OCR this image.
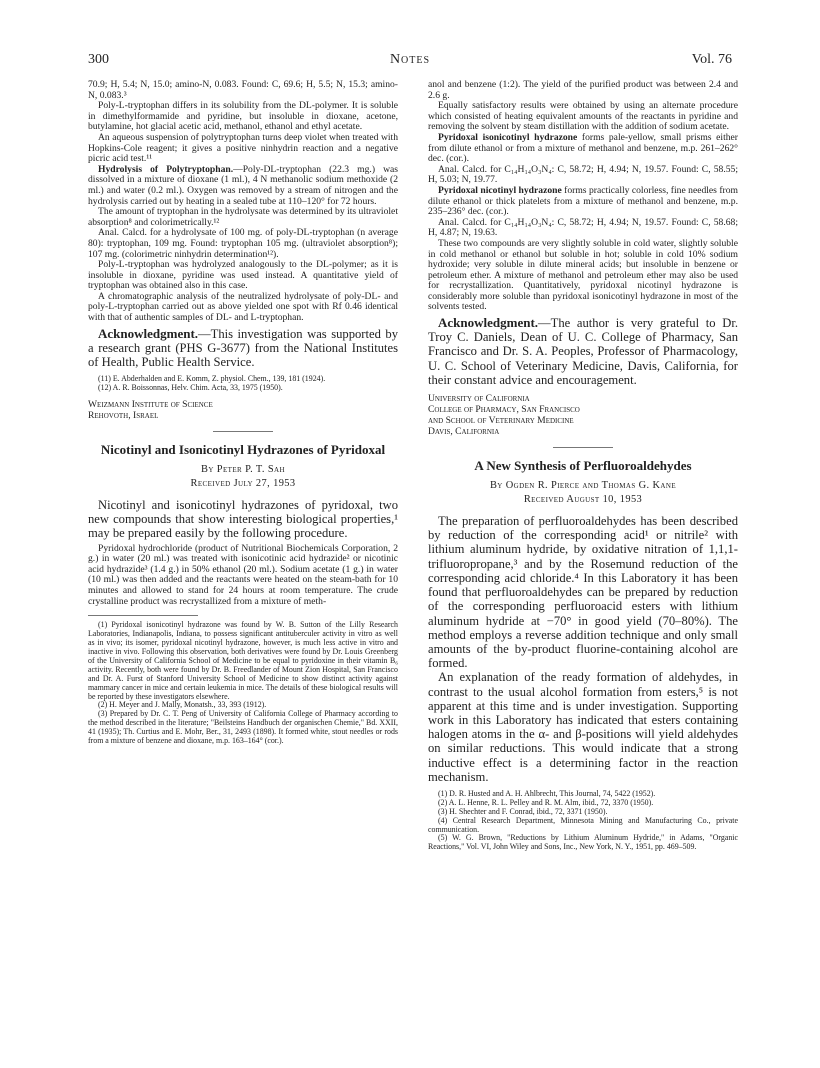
300	Notes	Vol. 76

70.9; H, 5.4; N, 15.0; amino-N, 0.083. Found: C, 69.6; H, 5.5; N, 15.3; amino-N, 0.083.³

Poly-L-tryptophan differs in its solubility from the DL-polymer. It is soluble in dimethylformamide and pyridine, but insoluble in dioxane, acetone, butylamine, hot glacial acetic acid, methanol, ethanol and ethyl acetate.

An aqueous suspension of polytryptophan turns deep violet when treated with Hopkins-Cole reagent; it gives a positive ninhydrin reaction and a negative picric acid test.¹¹

Hydrolysis of Polytryptophan.—Poly-DL-tryptophan (22.3 mg.) was dissolved in a mixture of dioxane (1 ml.), 4 N methanolic sodium methoxide (2 ml.) and water (0.2 ml.). Oxygen was removed by a stream of nitrogen and the hydrolysis carried out by heating in a sealed tube at 110–120° for 72 hours.

The amount of tryptophan in the hydrolysate was determined by its ultraviolet absorption⁸ and colorimetrically.¹²

Anal. Calcd. for a hydrolysate of 100 mg. of poly-DL-tryptophan (n average 80): tryptophan, 109 mg. Found: tryptophan 105 mg. (ultraviolet absorption⁸); 107 mg. (colorimetric ninhydrin determination¹²).

Poly-L-tryptophan was hydrolyzed analogously to the DL-polymer; as it is insoluble in dioxane, pyridine was used instead. A quantitative yield of tryptophan was obtained also in this case.

A chromatographic analysis of the neutralized hydrolysate of poly-DL- and poly-L-tryptophan carried out as above yielded one spot with Rf 0.46 identical with that of authentic samples of DL- and L-tryptophan.

Acknowledgment.—This investigation was supported by a research grant (PHS G-3677) from the National Institutes of Health, Public Health Service.

(11) E. Abderhalden and E. Komm, Z. physiol. Chem., 139, 181 (1924).

(12) A. R. Boissonnas, Helv. Chim. Acta, 33, 1975 (1950).

Weizmann Institute of Science
Rehovoth, Israel
Nicotinyl and Isonicotinyl Hydrazones of Pyridoxal
By Peter P. T. Sah
Received July 27, 1953

Nicotinyl and isonicotinyl hydrazones of pyridoxal, two new compounds that show interesting biological properties,¹ may be prepared easily by the following procedure.

Pyridoxal hydrochloride (product of Nutritional Biochemicals Corporation, 2 g.) in water (20 ml.) was treated with isonicotinic acid hydrazide² or nicotinic acid hydrazide³ (1.4 g.) in 50% ethanol (20 ml.). Sodium acetate (1 g.) in water (10 ml.) was then added and the reactants were heated on the steam-bath for 10 minutes and allowed to stand for 24 hours at room temperature. The crude crystalline product was recrystallized from a mixture of meth-

(1) Pyridoxal isonicotinyl hydrazone was found by W. B. Sutton of the Lilly Research Laboratories, Indianapolis, Indiana, to possess significant antituberculer activity in vitro as well as in vivo; its isomer, pyridoxal nicotinyl hydrazone, however, is much less active in vitro and inactive in vivo. Following this observation, both derivatives were found by Dr. Louis Greenberg of the University of California School of Medicine to be equal to pyridoxine in their vitamin B₆ activity. Recently, both were found by Dr. B. Freedlander of Mount Zion Hospital, San Francisco and Dr. A. Furst of Stanford University School of Medicine to show distinct activity against mammary cancer in mice and certain leukemia in mice. The details of these biological results will be reported by these investigators elsewhere.

(2) H. Meyer and J. Mally, Monatsh., 33, 393 (1912).

(3) Prepared by Dr. C. T. Peng of University of California College of Pharmacy according to the method described in the literature; "Beilsteins Handbuch der organischen Chemie," Bd. XXII, 41 (1935); Th. Curtius and E. Mohr, Ber., 31, 2493 (1898). It formed white, stout needles or rods from a mixture of benzene and dioxane, m.p. 163–164° (cor.).

anol and benzene (1:2). The yield of the purified product was between 2.4 and 2.6 g.

Equally satisfactory results were obtained by using an alternate procedure which consisted of heating equivalent amounts of the reactants in pyridine and removing the solvent by steam distillation with the addition of sodium acetate.

Pyridoxal isonicotinyl hydrazone forms pale-yellow, small prisms either from dilute ethanol or from a mixture of methanol and benzene, m.p. 261–262° dec. (cor.).

Anal. Calcd. for C₁₄H₁₄O₃N₄: C, 58.72; H, 4.94; N, 19.57. Found: C, 58.55; H, 5.03; N, 19.77.

Pyridoxal nicotinyl hydrazone forms practically colorless, fine needles from dilute ethanol or thick platelets from a mixture of methanol and benzene, m.p. 235–236° dec. (cor.).

Anal. Calcd. for C₁₄H₁₄O₃N₄: C, 58.72; H, 4.94; N, 19.57. Found: C, 58.68; H, 4.87; N, 19.63.

These two compounds are very slightly soluble in cold water, slightly soluble in cold methanol or ethanol but soluble in hot; soluble in cold 10% sodium hydroxide; very soluble in dilute mineral acids; but insoluble in benzene or petroleum ether. A mixture of methanol and petroleum ether may also be used for recrystallization. Quantitatively, pyridoxal nicotinyl hydrazone is considerably more soluble than pyridoxal isonicotinyl hydrazone in most of the solvents tested.

Acknowledgment.—The author is very grateful to Dr. Troy C. Daniels, Dean of U. C. College of Pharmacy, San Francisco and Dr. S. A. Peoples, Professor of Pharmacology, U. C. School of Veterinary Medicine, Davis, California, for their constant advice and encouragement.

University of California
College of Pharmacy, San Francisco
and School of Veterinary Medicine
Davis, California
A New Synthesis of Perfluoroaldehydes
By Ogden R. Pierce and Thomas G. Kane
Received August 10, 1953

The preparation of perfluoroaldehydes has been described by reduction of the corresponding acid¹ or nitrile² with lithium aluminum hydride, by oxidative nitration of 1,1,1-trifluoropropane,³ and by the Rosemund reduction of the corresponding acid chloride.⁴ In this Laboratory it has been found that perfluoroaldehydes can be prepared by reduction of the corresponding perfluoroacid esters with lithium aluminum hydride at −70° in good yield (70–80%). The method employs a reverse addition technique and only small amounts of the by-product fluorine-containing alcohol are formed.

An explanation of the ready formation of aldehydes, in contrast to the usual alcohol formation from esters,⁵ is not apparent at this time and is under investigation. Supporting work in this Laboratory has indicated that esters containing halogen atoms in the α- and β-positions will yield aldehydes on similar reductions. This would indicate that a strong inductive effect is a determining factor in the reaction mechanism.

(1) D. R. Husted and A. H. Ahlbrecht, This Journal, 74, 5422 (1952).

(2) A. L. Henne, R. L. Pelley and R. M. Alm, ibid., 72, 3370 (1950).

(3) H. Shechter and F. Conrad, ibid., 72, 3371 (1950).

(4) Central Research Department, Minnesota Mining and Manufacturing Co., private communication.

(5) W. G. Brown, "Reductions by Lithium Aluminum Hydride," in Adams, "Organic Reactions," Vol. VI, John Wiley and Sons, Inc., New York, N. Y., 1951, pp. 469–509.
